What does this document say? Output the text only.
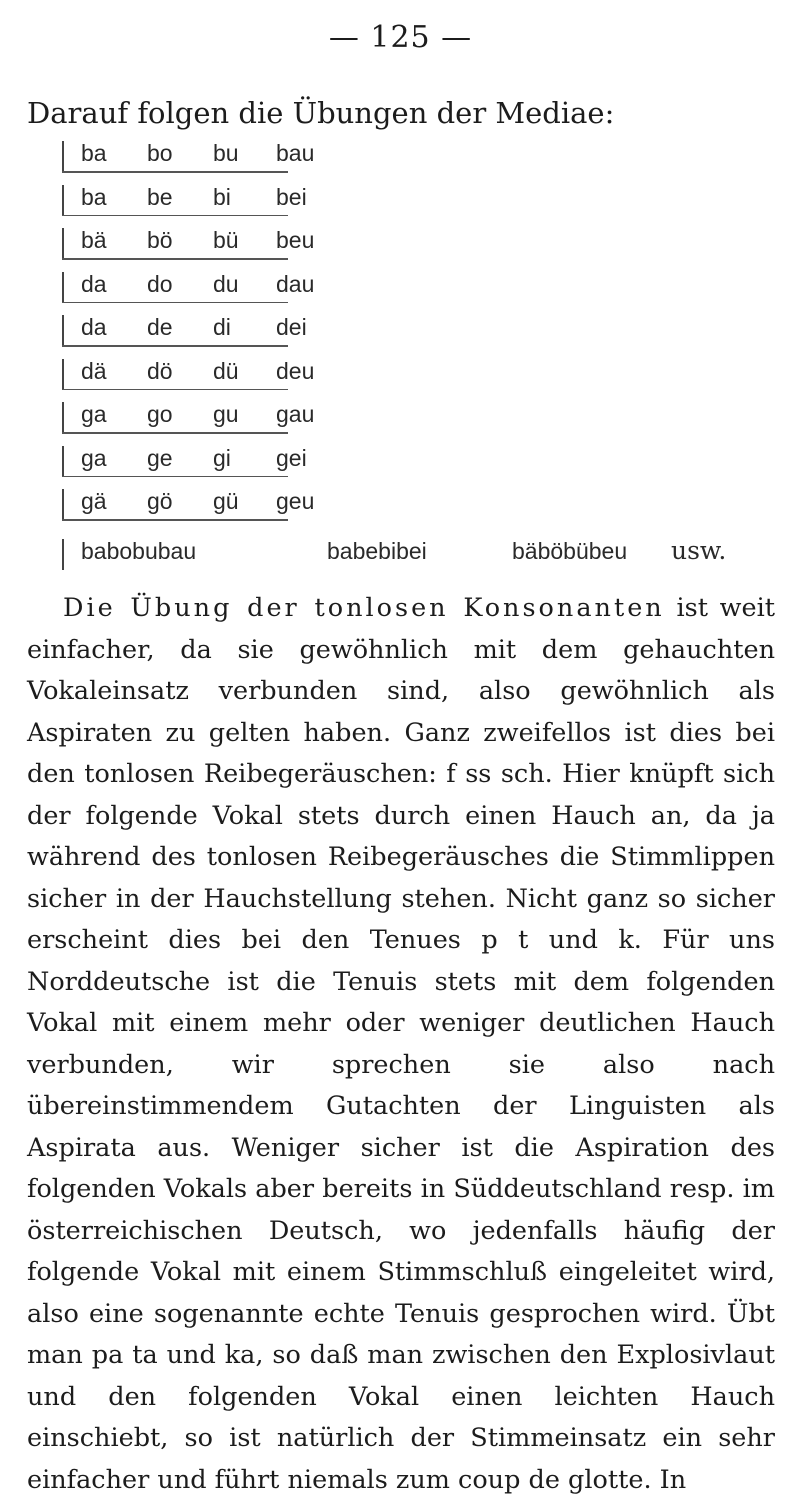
— 125 —
Darauf folgen die Übungen der Mediae:
ba bo bu bau
ba be bi bei
bä bö bü beu
da do du dau
da de di dei
dä dö dü deu
ga go gu gau
ga ge gi gei
gä gö gü geu
babobubau	babebibei	bäböbübeu usw.
Die Übung der tonlosen Konsonanten ist weit einfacher, da sie gewöhnlich mit dem gehauchten Vokaleinsatz verbunden sind, also gewöhnlich als Aspiraten zu gelten haben. Ganz zweifellos ist dies bei den tonlosen Reibegeräuschen: f ss sch. Hier knüpft sich der folgende Vokal stets durch einen Hauch an, da ja während des tonlosen Reibegeräusches die Stimmlippen sicher in der Hauchstellung stehen. Nicht ganz so sicher erscheint dies bei den Tenues p t und k. Für uns Norddeutsche ist die Tenuis stets mit dem folgenden Vokal mit einem mehr oder weniger deutlichen Hauch verbunden, wir sprechen sie also nach übereinstimmendem Gutachten der Linguisten als Aspirata aus. Weniger sicher ist die Aspiration des folgenden Vokals aber bereits in Süddeutschland resp. im österreichischen Deutsch, wo jedenfalls häufig der folgende Vokal mit einem Stimmschluß eingeleitet wird, also eine sogenannte echte Tenuis gesprochen wird. Übt man pa ta und ka, so daß man zwischen den Explosivlaut und den folgenden Vokal einen leichten Hauch einschiebt, so ist natürlich der Stimmeinsatz ein sehr einfacher und führt niemals zum coup de glotte. In
